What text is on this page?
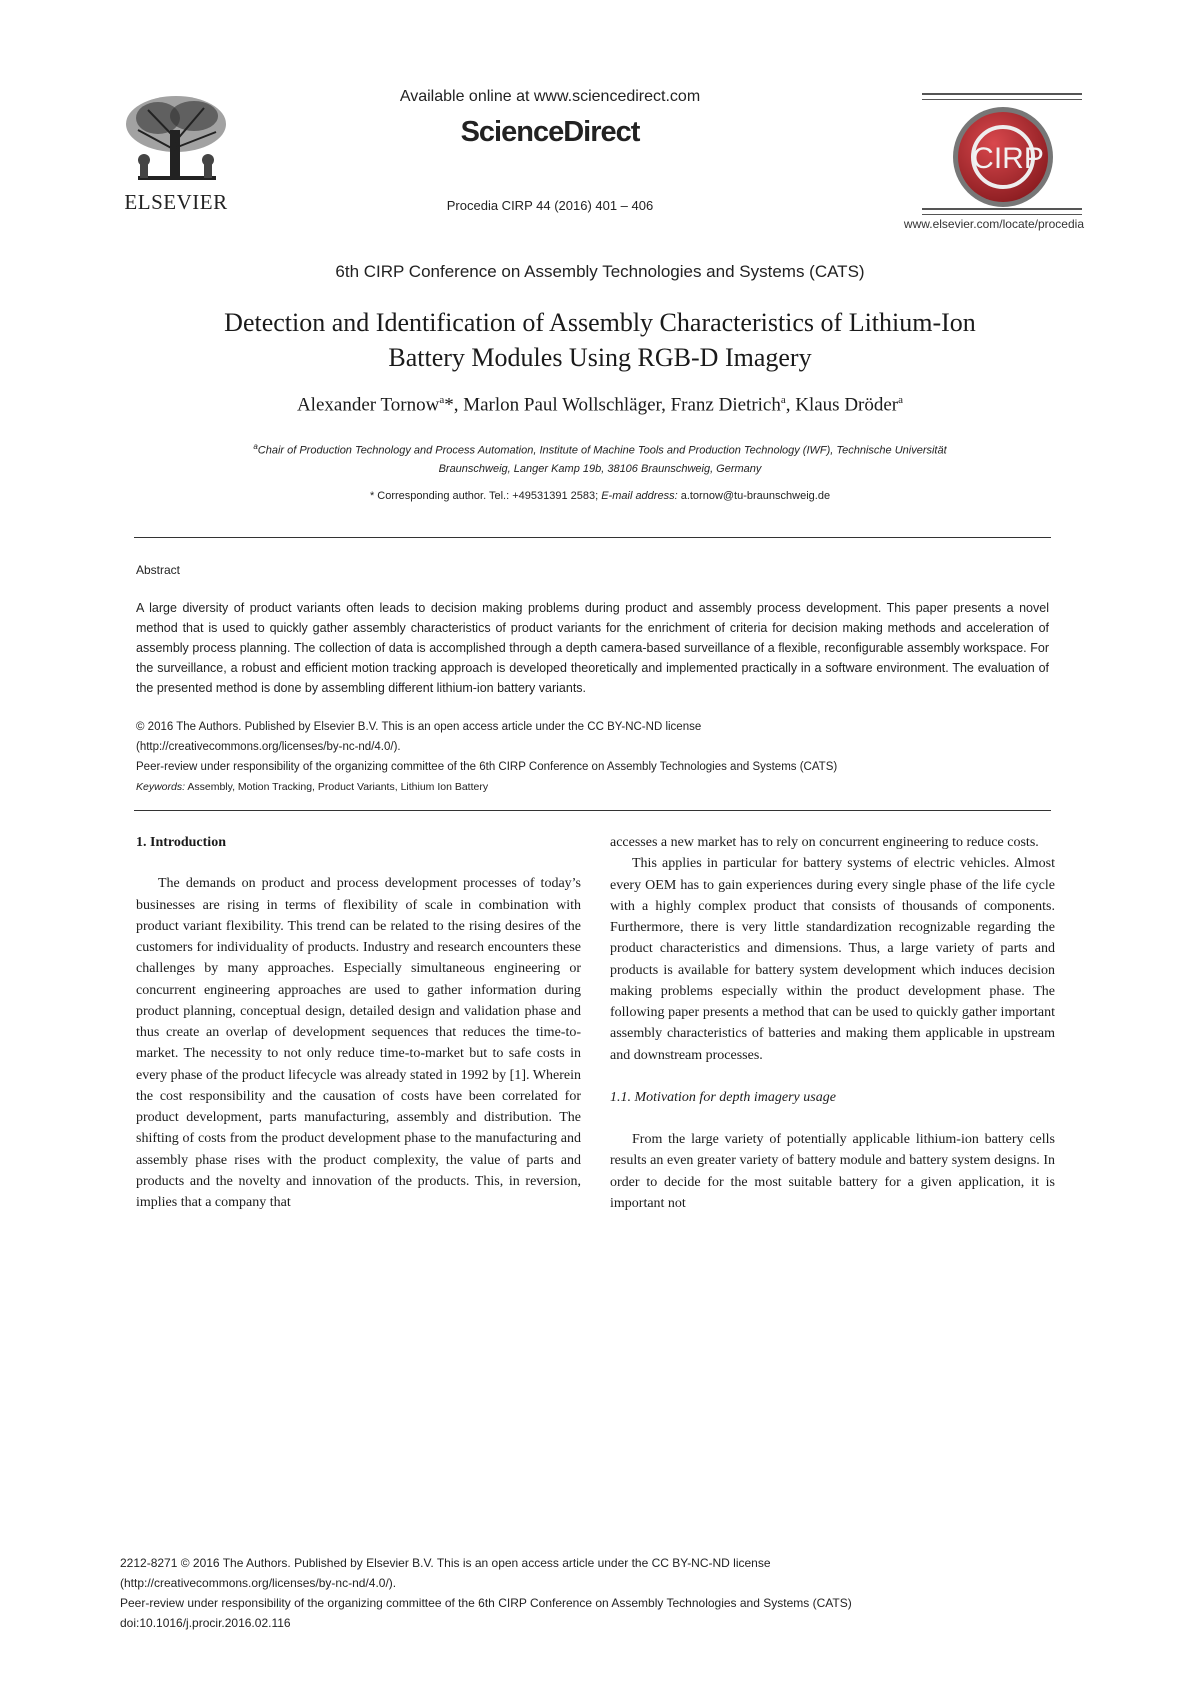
ELSEVIER
Available online at www.sciencedirect.com
ScienceDirect
Procedia CIRP 44 (2016) 401 – 406
CIRP
www.elsevier.com/locate/procedia
6th CIRP Conference on Assembly Technologies and Systems (CATS)
Detection and Identification of Assembly Characteristics of Lithium-Ion
Battery Modules Using RGB-D Imagery
Alexander Tornow$^a$*, Marlon Paul Wollschläger, Franz Dietrich$^a$, Klaus Dröder$^a$
$^a$Chair of Production Technology and Process Automation, Institute of Machine Tools and Production Technology (IWF), Technische Universität
Braunschweig, Langer Kamp 19b, 38106 Braunschweig, Germany
* Corresponding author. Tel.: +49531391 2583; E-mail address: a.tornow@tu-braunschweig.de
Abstract

A large diversity of product variants often leads to decision making problems during product and assembly process development. This paper presents a novel method that is used to quickly gather assembly characteristics of product variants for the enrichment of criteria for decision making methods and acceleration of assembly process planning. The collection of data is accomplished through a depth camera-based surveillance of a flexible, reconfigurable assembly workspace. For the surveillance, a robust and efficient motion tracking approach is developed theoretically and implemented practically in a software environment. The evaluation of the presented method is done by assembling different lithium-ion battery variants.

© 2016 The Authors. Published by Elsevier B.V. This is an open access article under the CC BY-NC-ND license
(http://creativecommons.org/licenses/by-nc-nd/4.0/).
Peer-review under responsibility of the organizing committee of the 6th CIRP Conference on Assembly Technologies and Systems (CATS)
Keywords: Assembly, Motion Tracking, Product Variants, Lithium Ion Battery

1. Introduction

The demands on product and process development processes of today’s businesses are rising in terms of flexibility of scale in combination with product variant flexibility. This trend can be related to the rising desires of the customers for individuality of products. Industry and research encounters these challenges by many approaches. Especially simultaneous engineering or concurrent engineering approaches are used to gather information during product planning, conceptual design, detailed design and validation phase and thus create an overlap of development sequences that reduces the time-to-market. The necessity to not only reduce time-to-market but to safe costs in every phase of the product lifecycle was already stated in 1992 by [1]. Wherein the cost responsibility and the causation of costs have been correlated for product development, parts manufacturing, assembly and distribution. The shifting of costs from the product development phase to the manufacturing and assembly phase rises with the product complexity, the value of parts and products and the novelty and innovation of the products. This, in reversion, implies that a company that

accesses a new market has to rely on concurrent engineering to reduce costs.

This applies in particular for battery systems of electric vehicles. Almost every OEM has to gain experiences during every single phase of the life cycle with a highly complex product that consists of thousands of components. Furthermore, there is very little standardization recognizable regarding the product characteristics and dimensions. Thus, a large variety of parts and products is available for battery system development which induces decision making problems especially within the product development phase. The following paper presents a method that can be used to quickly gather important assembly characteristics of batteries and making them applicable in upstream and downstream processes.

1.1. Motivation for depth imagery usage

From the large variety of potentially applicable lithium-ion battery cells results an even greater variety of battery module and battery system designs. In order to decide for the most suitable battery for a given application, it is important not

2212-8271 © 2016 The Authors. Published by Elsevier B.V. This is an open access article under the CC BY-NC-ND license
(http://creativecommons.org/licenses/by-nc-nd/4.0/).
Peer-review under responsibility of the organizing committee of the 6th CIRP Conference on Assembly Technologies and Systems (CATS)
doi:10.1016/j.procir.2016.02.116
